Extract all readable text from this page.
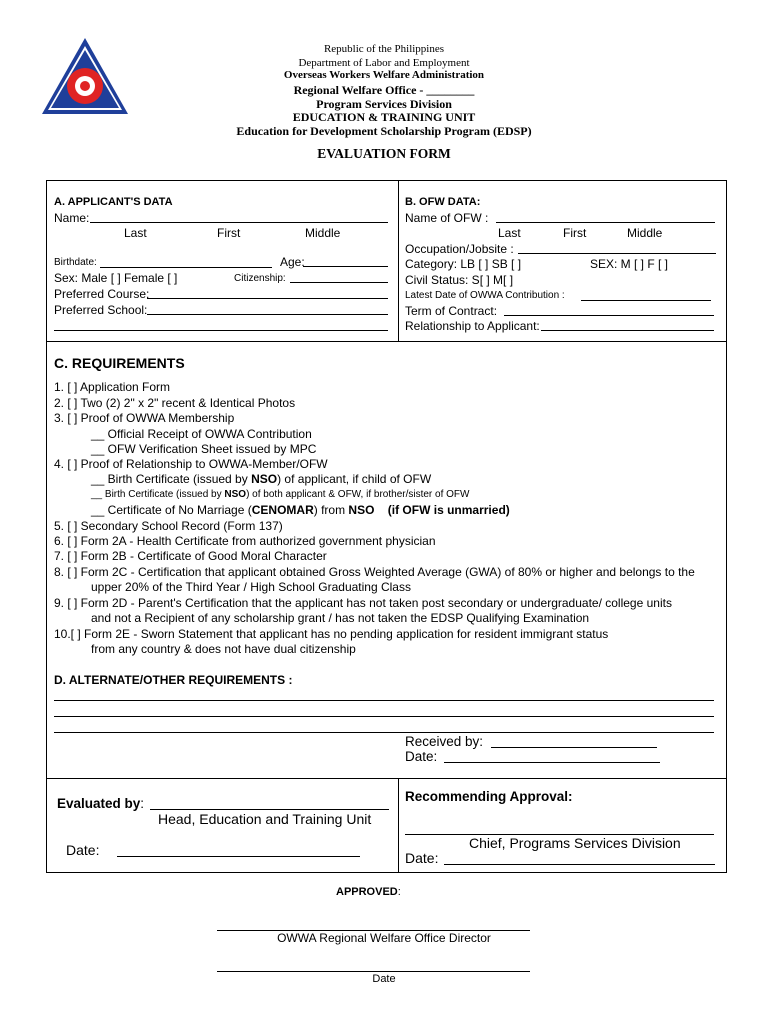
Republic of the Philippines
Department of Labor and Employment
Overseas Workers Welfare Administration
Regional Welfare Office - ________
Program Services Division
EDUCATION & TRAINING UNIT
Education for Development Scholarship Program (EDSP)
EVALUATION FORM
A. APPLICANT'S DATA
Name:
Last	First	Middle
Birthdate:	Age:
Sex: Male [ ] Female [ ]	Citizenship:
Preferred Course:
Preferred School:
B. OFW DATA:
Name of OFW :
Last	First	Middle
Occupation/Jobsite :
Category: LB [ ] SB [ ]	SEX: M [ ] F [ ]
Civil Status: S[ ] M[ ]
Latest Date of OWWA Contribution :
Term of Contract:
Relationship to Applicant:
C. REQUIREMENTS
1. [ ] Application Form
2. [ ] Two (2) 2" x 2" recent & Identical Photos
3. [ ] Proof of OWWA Membership
__ Official Receipt of OWWA Contribution
__ OFW Verification Sheet issued by MPC
4. [ ] Proof of Relationship to OWWA-Member/OFW
__ Birth Certificate (issued by NSO) of applicant, if child of OFW
__ Birth Certificate (issued by NSO) of both applicant & OFW, if brother/sister of OFW
__ Certificate of No Marriage (CENOMAR) from NSO (if OFW is unmarried)
5. [ ] Secondary School Record (Form 137)
6. [ ] Form 2A - Health Certificate from authorized government physician
7. [ ] Form 2B - Certificate of Good Moral Character
8. [ ] Form 2C - Certification that applicant obtained Gross Weighted Average (GWA) of 80% or higher and belongs to the
upper 20% of the Third Year / High School Graduating Class
9. [ ] Form 2D - Parent's Certification that the applicant has not taken post secondary or undergraduate/ college units
and not a Recipient of any scholarship grant / has not taken the EDSP Qualifying Examination
10.[ ] Form 2E - Sworn Statement that applicant has no pending application for resident immigrant status
from any country & does not have dual citizenship
D. ALTERNATE/OTHER REQUIREMENTS :
Received by:
Date:
Evaluated by:
Head, Education and Training Unit
Date:
Recommending Approval:
Chief, Programs Services Division
Date:
APPROVED:
OWWA Regional Welfare Office Director
Date
